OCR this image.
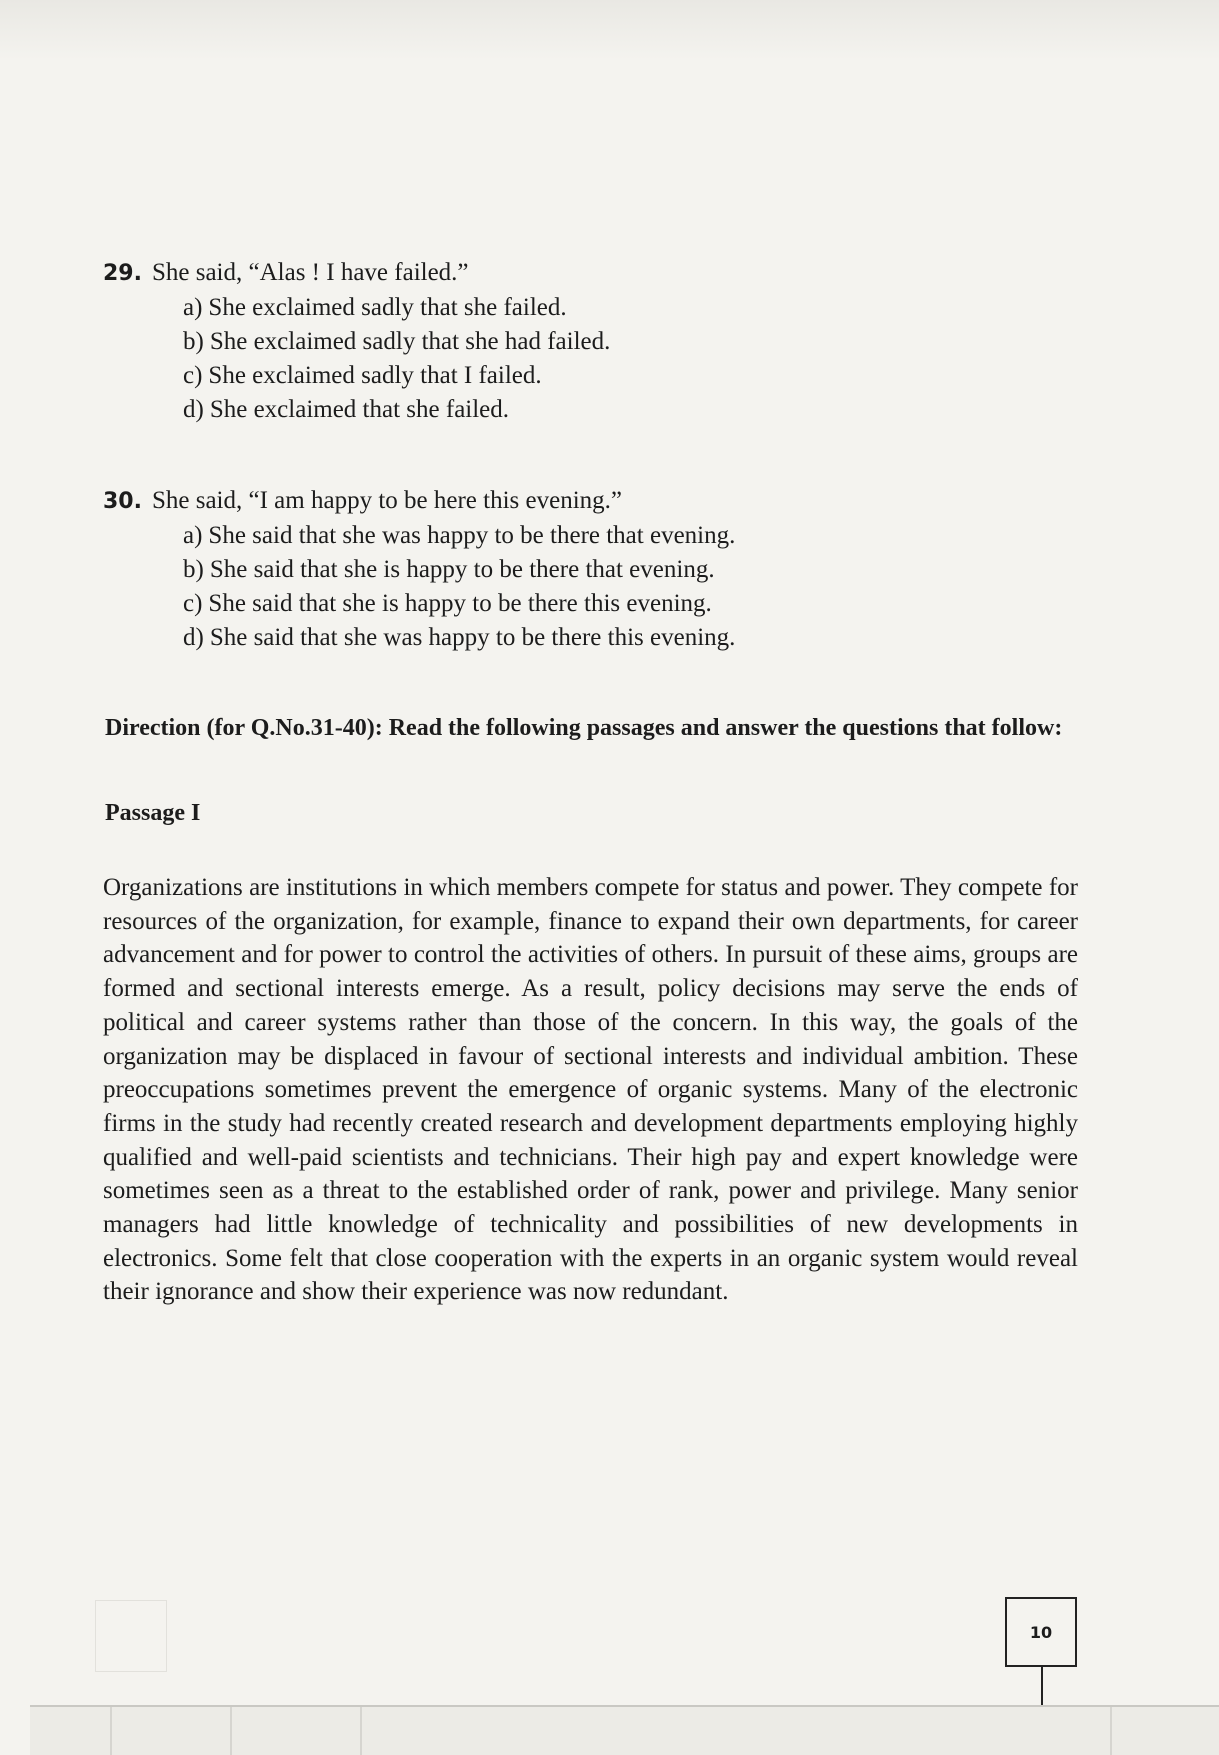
29. She said, “Alas ! I have failed.”
a) She exclaimed sadly that she failed.
b) She exclaimed sadly that she had failed.
c) She exclaimed sadly that I failed.
d) She exclaimed that she failed.
30. She said, “I am happy to be here this evening.”
a) She said that she was happy to be there that evening.
b) She said that she is happy to be there that evening.
c) She said that she is happy to be there this evening.
d) She said that she was happy to be there this evening.
Direction (for Q.No.31-40): Read the following passages and answer the questions that follow:
Passage I
Organizations are institutions in which members compete for status and power. They compete for resources of the organization, for example, finance to expand their own departments, for career advancement and for power to control the activities of others. In pursuit of these aims, groups are formed and sectional interests emerge. As a result, policy decisions may serve the ends of political and career systems rather than those of the concern. In this way, the goals of the organization may be displaced in favour of sectional interests and individual ambition. These preoccupations sometimes prevent the emergence of organic systems. Many of the electronic firms in the study had recently created research and development departments employing highly qualified and well-paid scientists and technicians. Their high pay and expert knowledge were sometimes seen as a threat to the established order of rank, power and privilege. Many senior managers had little knowledge of technicality and possibilities of new developments in electronics. Some felt that close cooperation with the experts in an organic system would reveal their ignorance and show their experience was now redundant.
10
